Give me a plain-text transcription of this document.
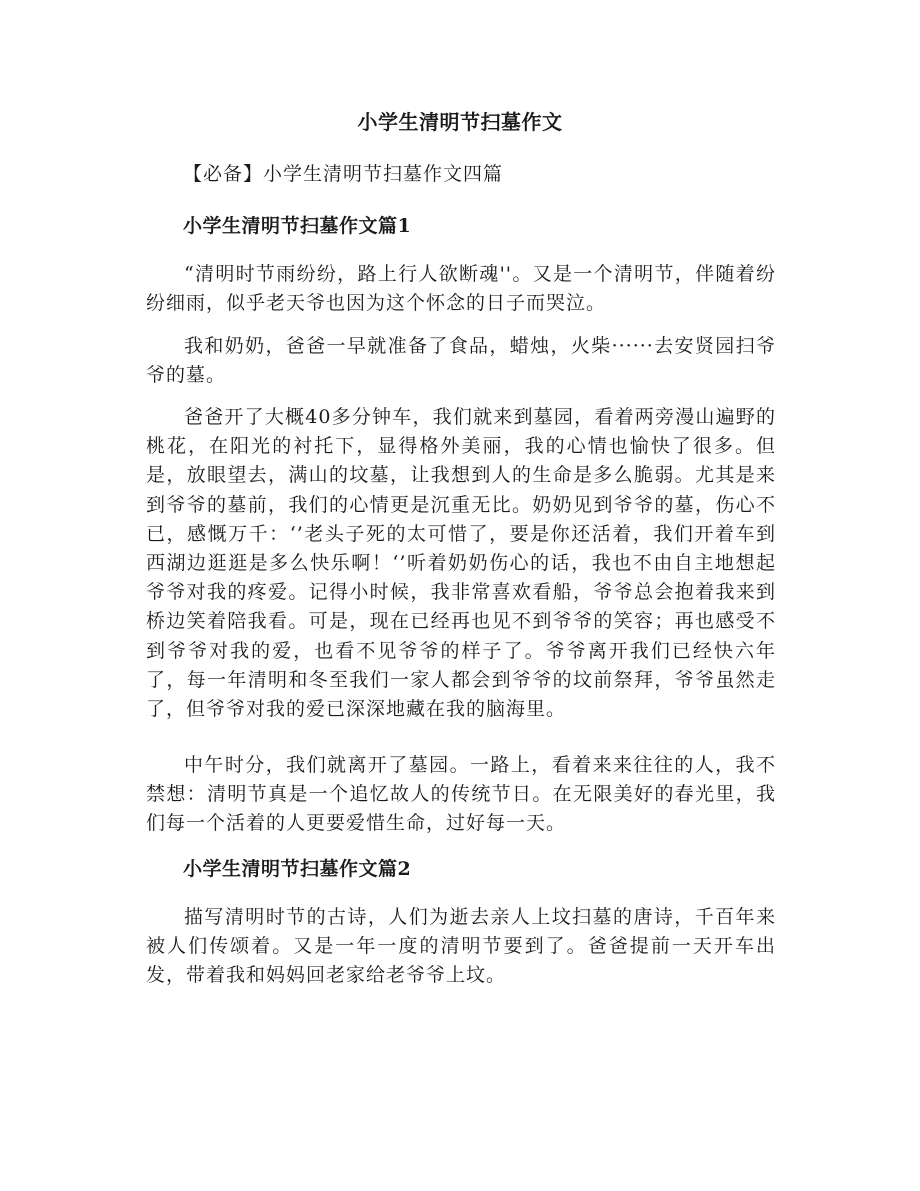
小学生清明节扫墓作文
【必备】小学生清明节扫墓作文四篇
小学生清明节扫墓作文篇1

“清明时节雨纷纷，路上行人欲断魂''。又是一个清明节，伴随着纷纷细雨，似乎老天爷也因为这个怀念的日子而哭泣。

我和奶奶，爸爸一早就准备了食品，蜡烛，火柴······去安贤园扫爷爷的墓。

爸爸开了大概40多分钟车，我们就来到墓园，看着两旁漫山遍野的桃花，在阳光的衬托下，显得格外美丽，我的心情也愉快了很多。但是，放眼望去，满山的坟墓，让我想到人的生命是多么脆弱。尤其是来到爷爷的墓前，我们的心情更是沉重无比。奶奶见到爷爷的墓，伤心不已，感慨万千：‘’老头子死的太可惜了，要是你还活着，我们开着车到西湖边逛逛是多么快乐啊！‘’听着奶奶伤心的话，我也不由自主地想起爷爷对我的疼爱。记得小时候，我非常喜欢看船，爷爷总会抱着我来到桥边笑着陪我看。可是，现在已经再也见不到爷爷的笑容；再也感受不到爷爷对我的爱，也看不见爷爷的样子了。爷爷离开我们已经快六年了，每一年清明和冬至我们一家人都会到爷爷的坟前祭拜，爷爷虽然走了，但爷爷对我的爱已深深地藏在我的脑海里。

中午时分，我们就离开了墓园。一路上，看着来来往往的人，我不禁想：清明节真是一个追忆故人的传统节日。在无限美好的春光里，我们每一个活着的人更要爱惜生命，过好每一天。

小学生清明节扫墓作文篇2

描写清明时节的古诗，人们为逝去亲人上坟扫墓的唐诗，千百年来被人们传颂着。又是一年一度的清明节要到了。爸爸提前一天开车出发，带着我和妈妈回老家给老爷爷上坟。
